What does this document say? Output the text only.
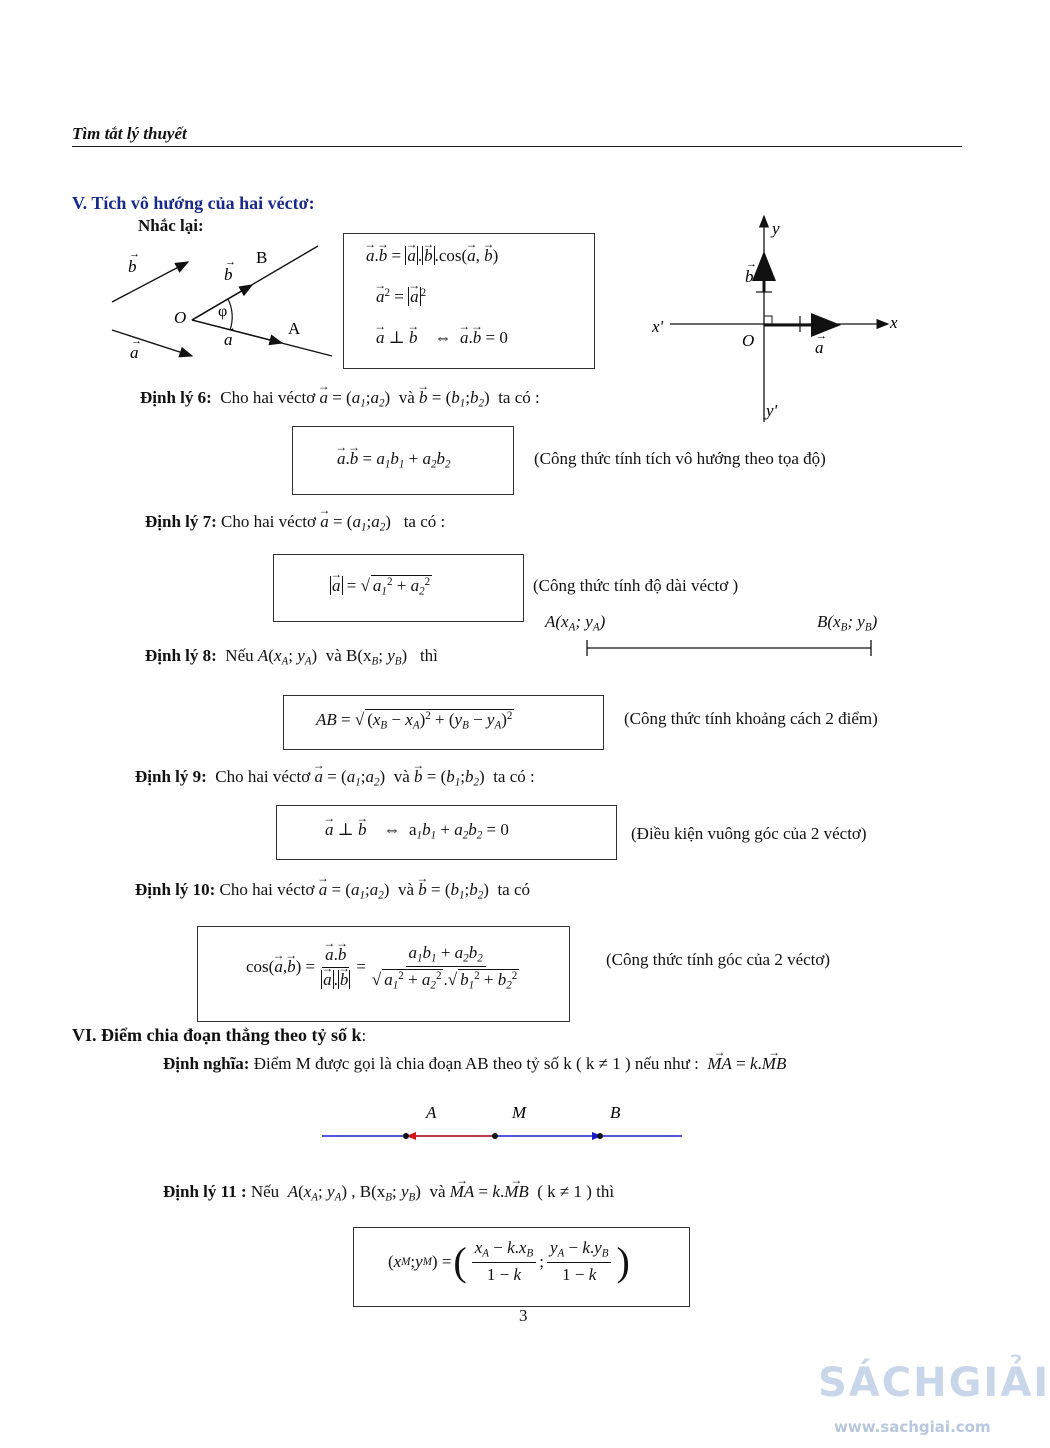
Tìm tắt lý thuyết
V. Tích vô hướng của hai véctơ:
Nhắc lại:
b
→
a
→
b
→
a
→
B
A
O φ
→ a.→ b = → a . → b .cos(→ a, → b)
→ $a^2$ = → a $^2$
→ a ⊥ → b    ⇔  → a.→ b = 0
y
x
x'
y'
O
b
→
a
→
Định lý 6: Cho hai véctơ → a = (a1;a2)  và → b = (b1;b2)  ta có :
→ a.→ b = a1b1 + a2b2	(Công thức tính tích vô hướng theo tọa độ)
Định lý 7: Cho hai véctơ → a = (a1;a2)   ta có :
→ a = √ $a1^2 + a2^2$	(Công thức tính độ dài véctơ )
A(xA; yA)	B(xB; yB)
Định lý 8: Nếu A(xA; yA)  và B(xB; yB)   thì
AB = √ (xB − xA)$^2$ + (yB − yA)$^2$	(Công thức tính khoảng cách 2 điểm)
Định lý 9: Cho hai véctơ → a = (a1;a2)  và → b = (b1;b2)  ta có :
→ a ⊥ → b    ⇔  a1b1 + a2b2 = 0	(Điều kiện vuông góc của 2 véctơ)
Định lý 10: Cho hai véctơ → a = (a1;a2)  và → b = (b1;b2)  ta có
cos( → a , → b ) = → a.→ b
→ a . → $b = \frac{a1b1 + a2b2}{√ a1^2 + a2^2 .√ b1^2 + b2^2}$	(Công thức tính góc của 2 véctơ)
VI. Điểm chia đoạn thẳng theo tỷ số k:
Định nghĩa: Điểm M được gọi là chia đoạn AB theo tỷ số k ( k ≠ 1 ) nếu như : → MA = k.→ MB
A	M	B
Định lý 11 : Nếu A(xA; yA) , B(xB; yB)  và → MA = k.→ MB ( k ≠ 1 ) thì
( x M ; y M ) = ( $\frac{xA - k.xB}{1 - k}$ ; $\frac{yA - k.yB}{1 - k}$ )
3
SÁCHGIẢI
www.sachgiai.com
